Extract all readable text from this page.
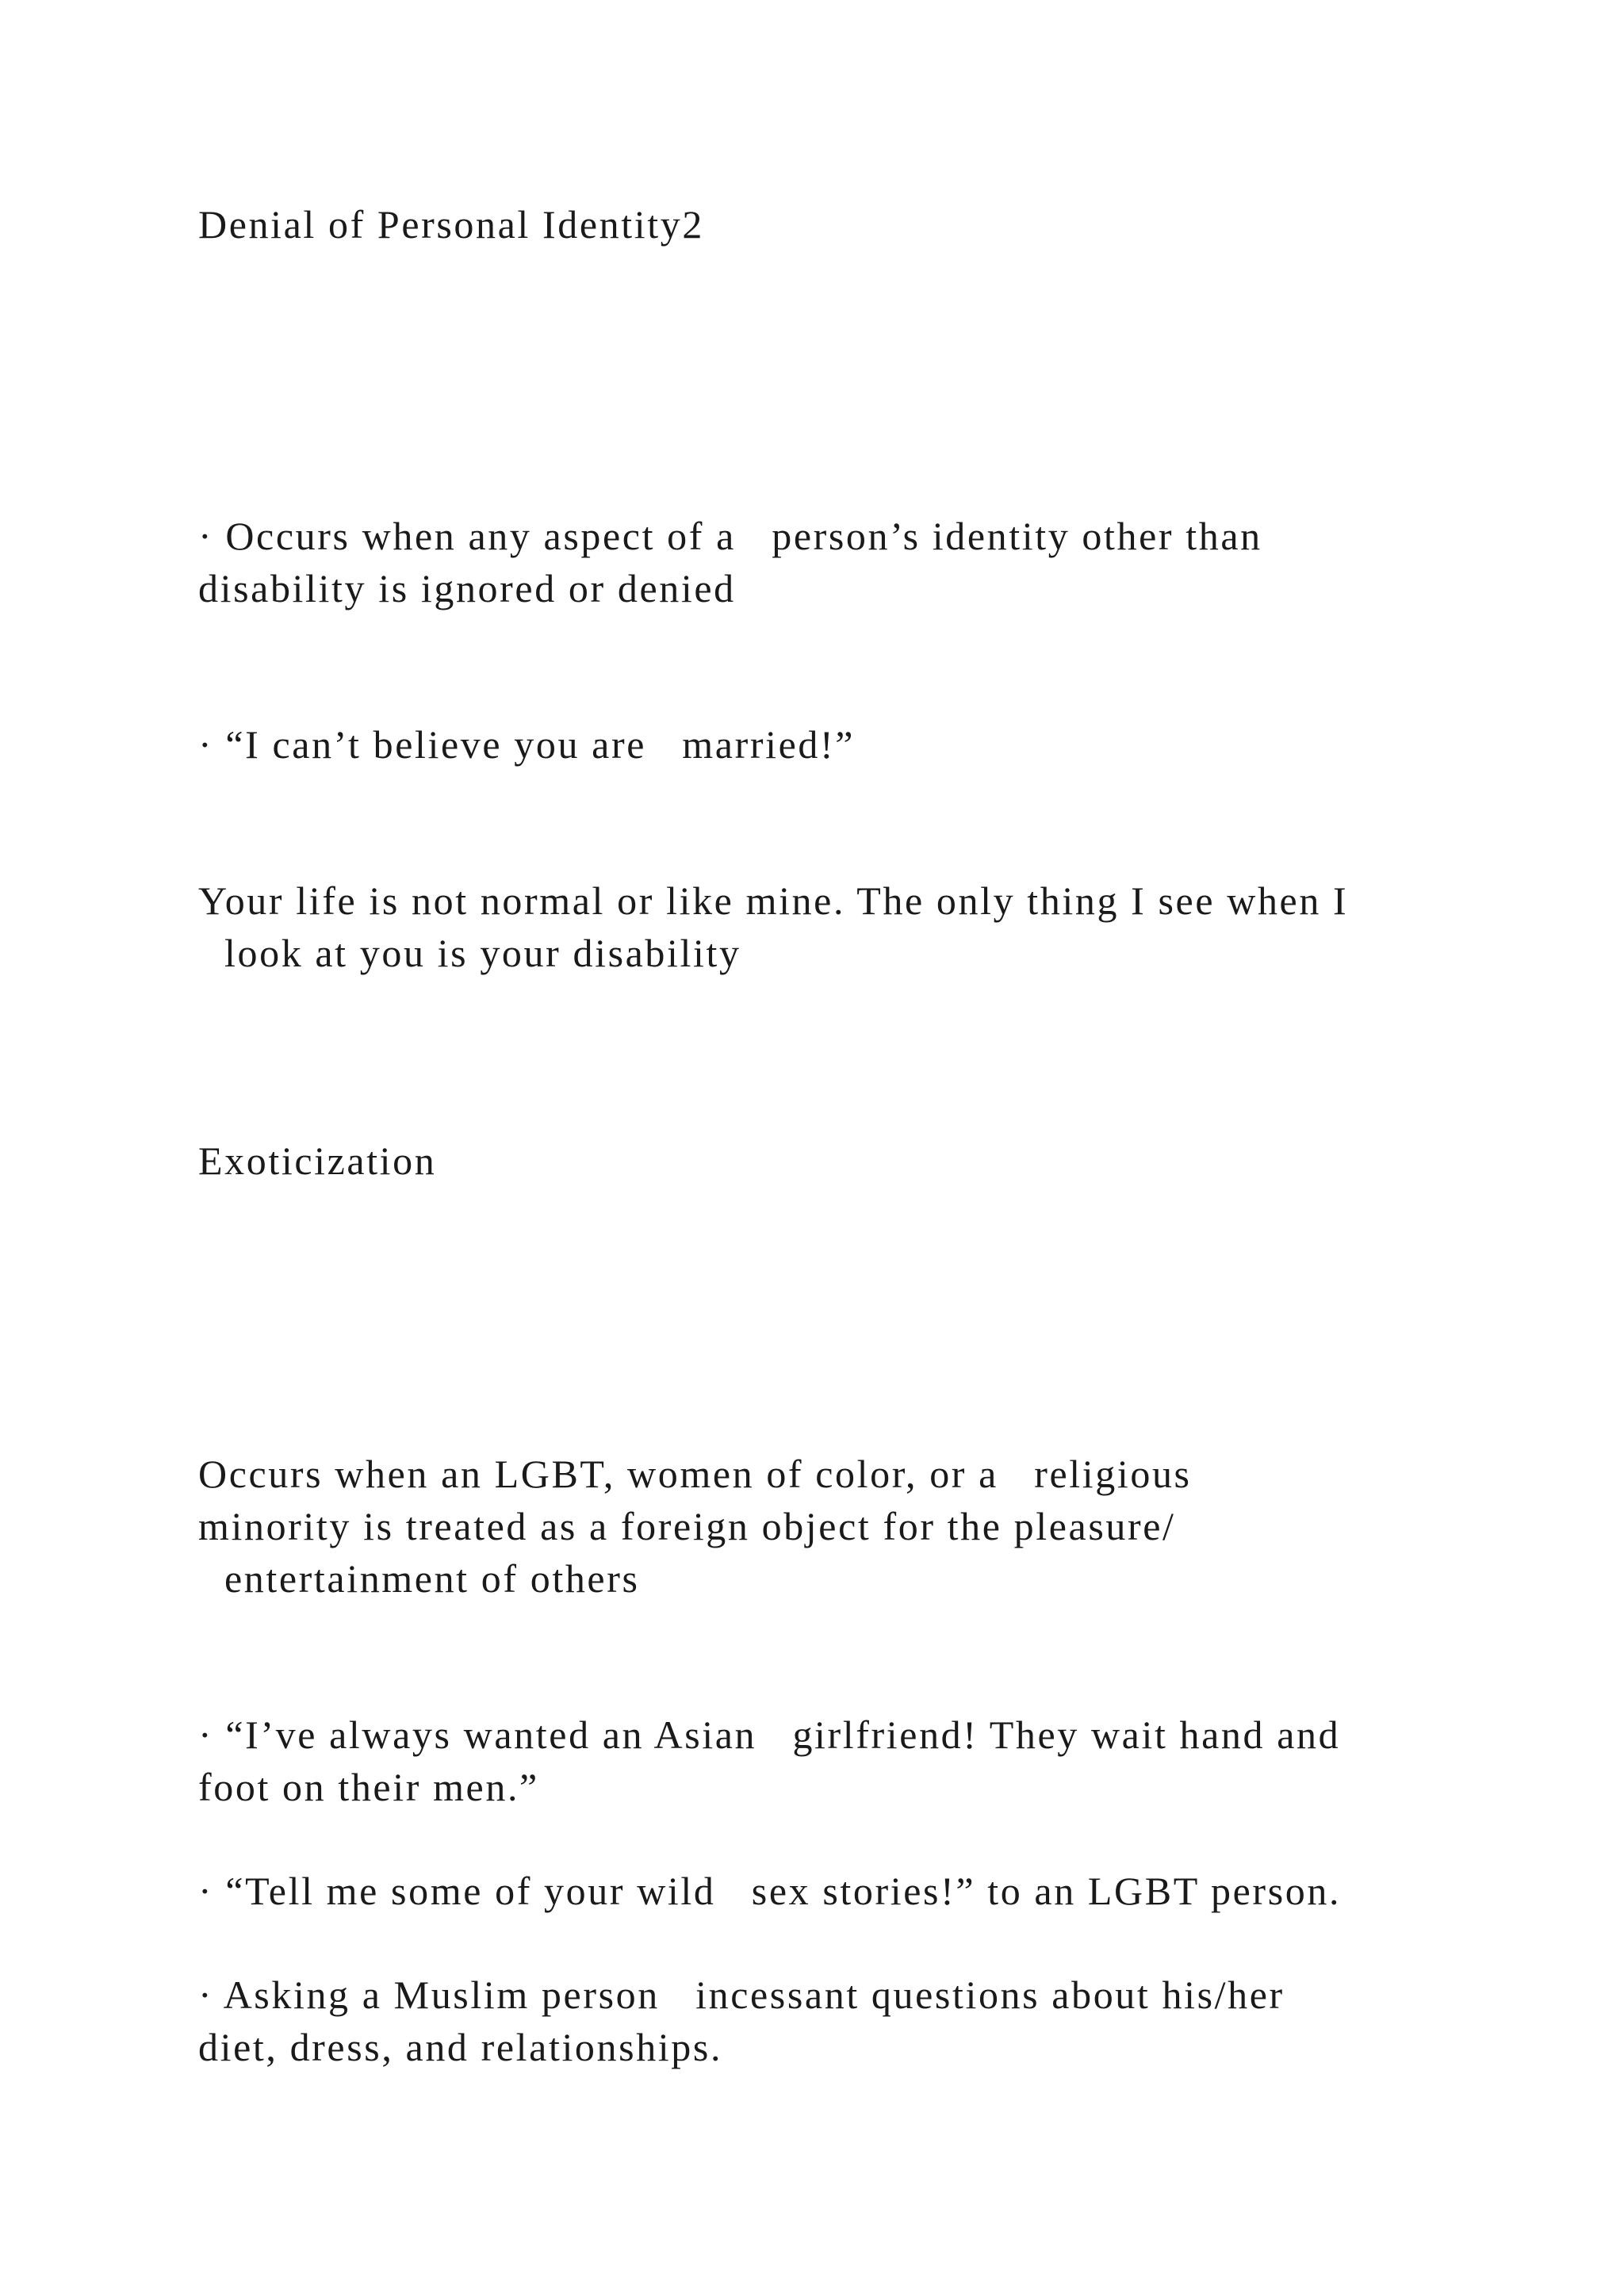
Denial of Personal Identity2

· Occurs when any aspect of a   person’s identity other than

disability is ignored or denied

· “I can’t believe you are   married!”

Your life is not normal or like mine. The only thing I see when I

look at you is your disability

Exoticization

Occurs when an LGBT, women of color, or a   religious

minority is treated as a foreign object for the pleasure/

entertainment of others

· “I’ve always wanted an Asian   girlfriend! They wait hand and

foot on their men.”

· “Tell me some of your wild   sex stories!” to an LGBT person.

· Asking a Muslim person   incessant questions about his/her

diet, dress, and relationships.
